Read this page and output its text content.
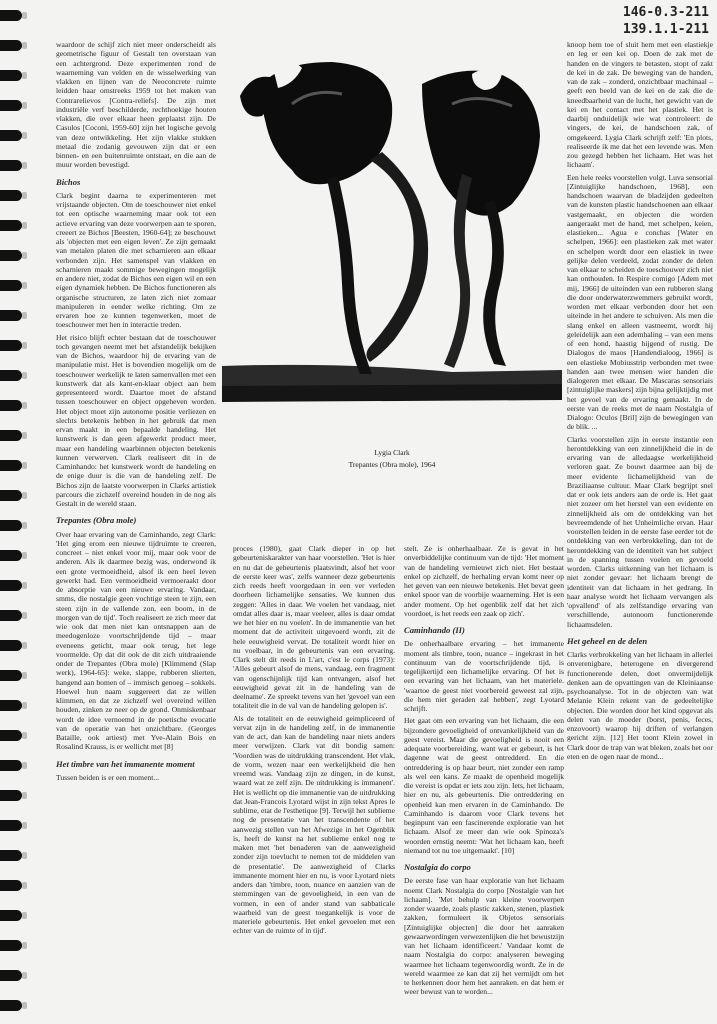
146-0.3-211
139.1.1-211

waardoor de schijf zich niet meer onderscheidt als geometrische figuur of Gestalt ten overstaan van een achtergrond. Deze experimenten rond de waarneming van velden en de wisselwerking van vlakken en lijnen van de Neoconcrete ruimte leidden haar omstreeks 1959 tot het maken van Contrarelievos [Contra-reliefs]. De zijn met industriële verf beschilderde, rechthoekige houten vlakken, die over elkaar heen geplaatst zijn. De Casulos [Coconi, 1959-60] zijn het logische gevolg van deze ontwikkeling. Het zijn vlakke stukken metaal die zodanig gevouwen zijn dat er een binnen- en een buitenruimte ontstaat, en die aan de muur worden bevestigd.

Bichos

Clark begint daarna te experimenteren met vrijstaande objecten. Om de toeschouwer niet enkel tot een optische waarneming maar ook tot een actieve ervaring van deze voorwerpen aan te sporen, creeert ze Bichos [Beesten, 1960-64]; ze beschouwt als 'objecten met een eigen leven'. Ze zijn gemaakt van metalen platen die met scharnieren aan elkaar verbonden zijn. Het samenspel van vlakken en scharnieren maakt sommige bewegingen mogelijk en andere niet, zodat de Bichos een eigen wil en een eigen dynamiek hebben. De Bichos functioneren als organische structuren, ze laten zich niet zomaar manipuleren in eender welke richting. Om ze ervaren hoe ze kunnen tegenwerken, moet de toeschouwer met hen in interactie treden.

Het risico blijft echter bestaan dat de toeschouwer toch gevangen neemt met het afstandelijk bekijken van de Bichos, waardoor hij de ervaring van de manipulatie mist. Het is bovendien mogelijk om de toeschouwer werkelijk te laten samenvallen met een kunstwerk dat als kant-en-klaar object aan hem gepresenteerd wordt. Daartoe moet de afstand tussen toeschouwer en object opgeheven worden. Het object moet zijn autonome positie verliezen en slechts betekenis hebben in het gebruik dat men ervan maakt in een bepaalde handeling. Het kunstwerk is dan geen afgewerkt product meer, maar een handeling waarbinnen objecten betekenis kunnen verwerven. Clark realiseert dit in de Caminhando: het kunstwerk wordt de handeling en de enige duur is die van de handeling zelf. De Bichos zijn de laatste voorwerpen in Clarks artistiek parcours die zichzelf overeind houden in de nog als Gestalt in de wereld staan.

Trepantes (Obra mole)

Over haar ervaring van de Caminhando, zegt Clark: 'Het ging erom een nieuwe tijdruimte te creeren, concreet – niet enkel voor mij, maar ook voor de anderen. Als ik daarmee bezig was, onderwond ik een grote vermoeidheid, alsof ik een heel leven gewerkt had. Een vermoeidheid vermoeraakt door de absorptie van een nieuwe ervaring. Vandaar, smms, die nostalgie geen vochtige steen te zijn, een steen zijn in de vallende zon, een boom, in de morgen van de tijd'. Toch realiseert ze zich meer dat wie ook dat men niet kan ontsnappen aan de meedogenloze voortschrijdende tijd – maar eveneens geticht, maar ook terug, het lege voormelde. Op dat dit ook de dit zich uitdraaiende onder de Trepantes (Obra mole) [Klimmend (Slap werk), 1964-65]: weke, slappe, rubberen slierten, hangend aan bomen of – immisch genoeg – sokkels. Hoewel hun naam suggereert dat ze willen klimmen, en dat ze zichzelf wel overeind willen houden, zinken ze neer op de grond. Onmiskenbaar wordt de idee vernoemd in de poetische evocatie van de operatie van het onzichtbare. (Georges Bataille, ook artiest) met Yve-Alain Bois en Rosalind Krauss, is er wellicht met [8]

Het timbre van het immanente moment

Tussen beiden is er een moment...

Lygia Clark
Trepantes (Obra mole), 1964

proces (1980), gaat Clark dieper in op het gebeurteniskarakter van haar voorstellen. 'Het is hier en nu dat de gebeurtenis plaatsvindt, alsof het voor de eerste keer was', zelfs wanneer deze gebeurtenis zich reeds heeft voorgedaan in een ver verleden doorheen lichamelijke sensaties. We kunnen dus zeggen: 'Alles in daar. We voelen het vandaag, niet omdat alles daar is, maar veeleer, alles is daar omdat we het hier en nu voelen'. In de immanentie van het moment dat de activiteit uitgevoerd wordt, zit de hele eeuwigheid vervat. De totaliteit wordt hier en nu voelbaar, in de gebeurtenis van een ervaring. Clark stelt dit reeds in L'art, c'est le corps (1973): 'Alles gebeurt alsof de mens, vandaag, een fragment van ogenschijnlijk tijd kan ontvangen, alsof het eeuwigheid gevat zit in de handeling van de deelname'. Ze spreekt tevens van het 'gevoel van een totaliteit die in de val van de handeling gelopen is'.

Als de totaliteit en de eeuwigheid geimpliceerd of vervat zijn in de handeling zelf, in de immanentie van de act, dan kan de handeling naar niets anders meer verwijzen. Clark vat dit bondig samen: 'Voordien was de uitdrukking transcendent. Het vlak, de vorm, wezen naar een werkelijkheid die hen vreemd was. Vandaag zijn ze dingen, in de kunst, waard wat ze zelf zijn. De uitdrukking is immanent'. Het is wellicht op die immanentie van de uitdrukking dat Jean-Francois Lyotard wijst in zijn tekst Apres le sublime, etat de l'esthetique [9]. Terwijl het sublieme nog de presentatie van het transcendente of het aanwezig stellen van het Afwezige in het Ogenblik is, heeft de kunst na het sublieme enkel nog te maken met 'het benaderen van de aanwezigheid zonder zijn toevlucht te nemen tot de middelen van de presentatie'. De aanwezigheid of Clarks immanente moment hier en nu, is voor Lyotard niets anders dan 'timbre, toon, nuance en aanzien van de stemmingen van de gevoeligheid, in een van de vormen, in een of ander stand van sabbaticale waarheid van de geest toegankelijk is voor de materiele gebeurtenis. Het enkel gevoelen met een echter van de ruimte of in tijd'.

stelt. Ze is onherhaalbaar. Ze is gevat in het onverbiddelijke continuum van de tijd: 'Het moment van de handeling vernieuwt zich niet. Het bestaat enkel op zichzelf, de herhaling ervan komt neer op het geven van een nieuwe betekenis. Het bevat geen enkel spoor van de voorbije waarneming. Het is een ander moment. Op het ogenblik zelf dat het zich voordoet, is het reeds een zaak op zich'.

Caminhando (II)

De onherhaalbare ervaring – het immanente moment als timbre, toon, nuance – ingekrast in het continuum van de voortschrijdende tijd, is tegelijkertijd een lichamelijke ervaring. Of het is een ervaring van het lichaam, van het materiele. 'waartoe de geest niet voorbereid geweest zal zijn, die hem niet geraden zal hebben', zegt Lyotard schrijft.

Het gaat om een ervaring van het lichaam, die een bijzondere gevoeligheid of ontvankelijkheid van de geest vereist. Maar die gevoeligheid is nooit een adequate voorbereiding, want wat er gebeurt, is het dagenne wat de geest ontredderd. En die ontreddering is op haar beurt, niet zonder een ramp als wel een kans. Ze maakt de openheid mogelijk die vereist is opdat er iets zou zijn. Iets, het lichaam, hier en nu, als gebeurtenis. Die ontreddering en openheid kan men ervaren in de Caminhando. De Caminhando is daarom voor Clark tevens het beginpunt van een fascinerende exploratie van het lichaam. Alsof ze meer dan wie ook Spinoza's woorden ernstig neemt: 'Wat het lichaam kan, heeft niemand tot nu toe uitgemaakt'. [10]

Nostalgia do corpo

De eerste fase van haar exploratie van het lichaam noemt Clark Nostalgia do corpo [Nostalgie van het lichaam]. 'Met behulp van kleine voorwerpen zonder waarde, zoals plastic zakken, stenen, plastiek zakken, formuleert ik Objetos sensoriais [Zintuiglijke objecten] die door het aanraken gewaarwordingen verwezenlijken die het bewustzijn van het lichaam identificeert.' Vandaar komt de naam Nostalgia do corpo: analyseren beweging waarmee het lichaam tegenwoordig wordt. Ze in de wereld waarmee ze kan dat zij het vermijdt om het te herkennen door hem het aanraken. en dat hem er weer bewust van te worden...

knoop hem toe of sluit hem met een elastiekje en leg er een kei op. Doen de zak met de handen en de vingers te betasten, stopt of zakt de kei in de zak. De beweging van de handen, van de zak – zonderd, onzichtbaar machinaal – geeft een beeld van de kei en de zak die de kneedbaarheid van de lucht, het gewicht van de kei en het contact met het plastiek. Het is daarbij onduidelijk wie wat controleert: de vingers, de kei, de handschoen zak, of omgekeerd. Lygia Clark schrijft zelf: 'En plots, realiseerde ik me dat het een levende was. Men zou gezegd hebben het lichaam. Het was het lichaam'.

Een hele reeks voorstellen volgt. Luva sensorial [Zintuiglijke handschoen, 1968], een handschoen waarvan de bladzijden gedeelten van de kunsten plastic handschoenen aan elkaar vastgemaakt, en objecten die worden aangeraakt met de hand, met schelpen, keien, elastieken... Agua e conchas [Water en schelpen, 1966]: een plastieken zak met water en schelpen wordt door een elastiek in twee gelijke delen verdeeld, zodat zonder de delen van elkaar te scheiden de toeschouwer zich niet kan onthouden. In Respire comigo [Adem met mij, 1966] de uiteinden van een rubberen slang die door onderwaterzwemmers gebruikt wordt, worden met elkaar verbonden door het een uiteinde in het andere te schuiven. Als men die slang enkel en alleen vastneemt, wordt hij geleidelijk aan een ademhaling – van een mens of een hond, haastig hijgend of rustig. De Dialogos de maos [Handendialoog, 1966] is een elastieke Mobiusstrip verbonden met twee handen aan twee mensen wier handen die dialogeren met elkaar. De Mascaras sensoriais [zintuiglijke maskers] zijn bijna gelijktijdig met het gevoel van de ervaring gemaakt. In de eerste van de reeks met de naam Nostalgia of Dialogo: Oculos [Bril] zijn de bewegingen van de blik. ...

Clarks voorstellen zijn in eerste instantie een herontdekking van een zinnelijkheid die in de ervaring van de alledaagse werkelijkheid verloren gaat. Ze bouwt daarmee aan bij de meer evidente lichamelijkheid van de Braziliaanse cultuur. Maar Clark begrijpt snel dat er ook iets anders aan de orde is. Het gaat niet zozeer om het herstel van een evidente en zinnelijkheid als om de ontdekking van het bevreemdende of het Unheimliche ervan. Haar voorstellen leiden in de eerste fase eerder tot de ontdekking van een verbrokkeling, dan tot de herontdekking van de identiteit van het subject in de spanning tussen voelen en gevoeld worden. Clarks uitkenning van het lichaam is niet zonder gevaar: het lichaam brengt de identiteit van dat lichaam in het gedrang. In haar analyse wordt het lichaam vervangen als 'opvallend' of als zelfstandige ervaring van verschillende, autonoom functionerende lichaamsdelen.

Het geheel en de delen

Clarks verbrokkeling van het lichaam in allerlei onverenigbare, heterogene en divergerend functionerende delen, doet onvermijdelijk denken aan de opvattingen van de Kleiniaanse psychoanalyse. Tot in de objecten van wat Melanie Klein rekent van de gedeeltelijke objecten. Die worden door het kind opgevat als delen van de moeder (borst, penis, feces, enzovoort) waarop hij driften of verlangen gericht zijn. [12] Het toont Klein zowel in Clark door de trap van wat bleken, zoals het oor eten en de ogen naar de mond...
